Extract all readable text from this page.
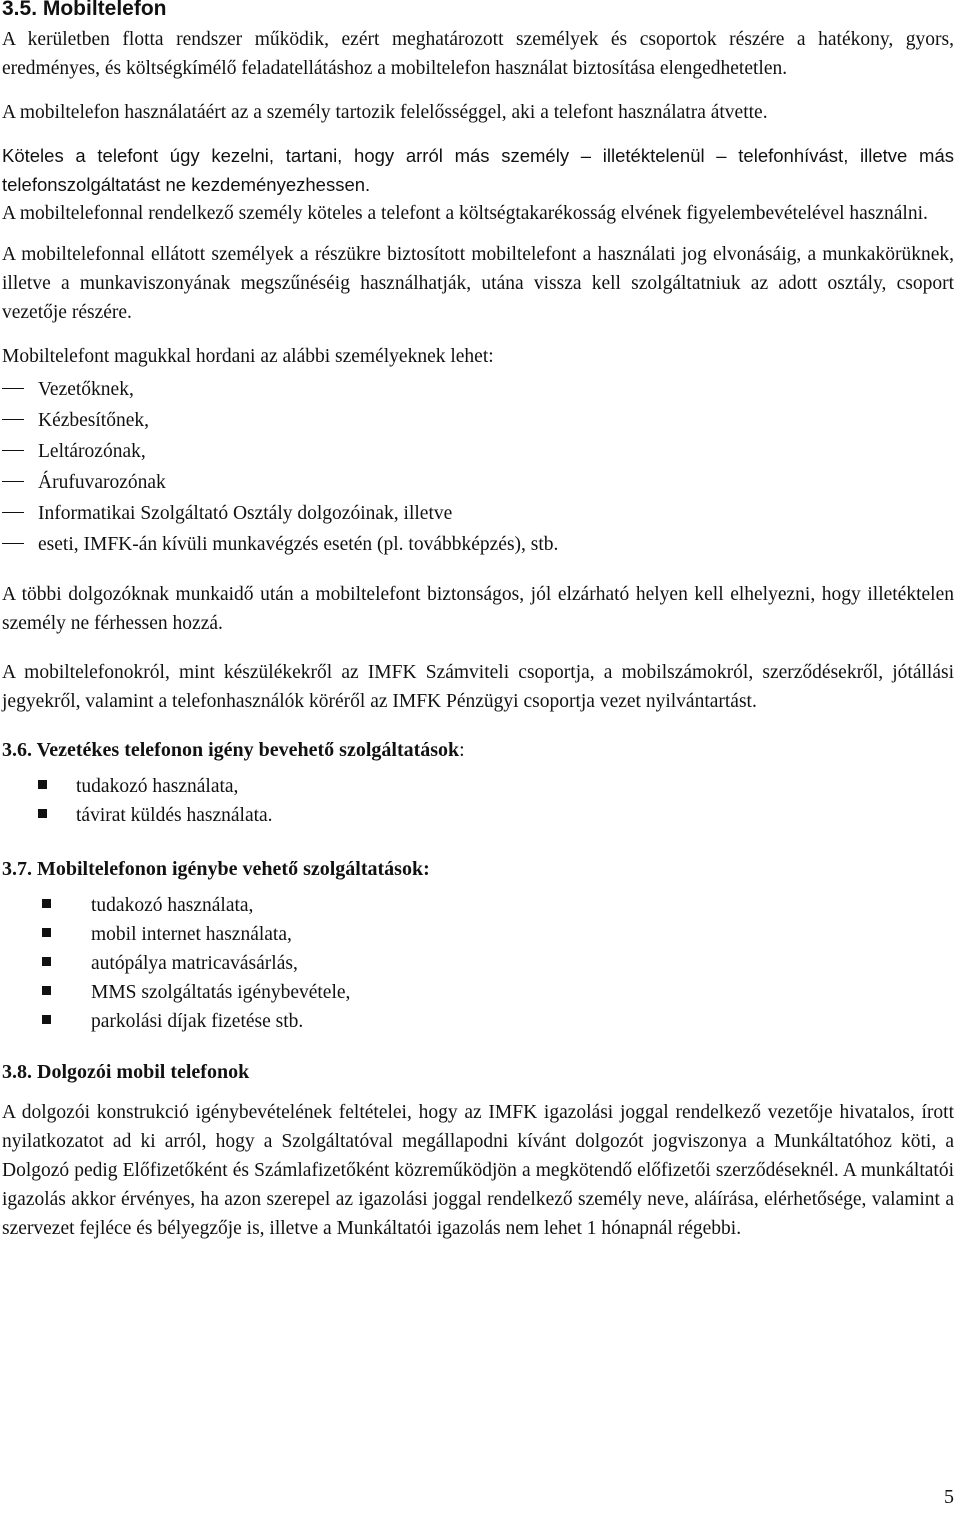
3.5. Mobiltelefon

A kerületben flotta rendszer működik, ezért meghatározott személyek és csoportok részére a hatékony, gyors, eredményes, és költségkímélő feladatellátáshoz a mobiltelefon használat biztosítása elengedhetetlen.

A mobiltelefon használatáért az a személy tartozik felelősséggel, aki a telefont használatra átvette.

Köteles a telefont úgy kezelni, tartani, hogy arról más személy – illetéktelenül – telefonhívást, illetve más telefonszolgáltatást ne kezdeményezhessen.

A mobiltelefonnal rendelkező személy köteles a telefont a költségtakarékosság elvének figyelembevételével használni.

A mobiltelefonnal ellátott személyek a részükre biztosított mobiltelefont a használati jog elvonásáig, a munkakörüknek, illetve a munkaviszonyának megszűnéséig használhatják, utána vissza kell szolgáltatniuk az adott osztály, csoport vezetője részére.

Mobiltelefont magukkal hordani az alábbi személyeknek lehet:

Vezetőknek,
Kézbesítőnek,
Leltározónak,
Árufuvarozónak
Informatikai Szolgáltató Osztály dolgozóinak, illetve
eseti, IMFK-án kívüli munkavégzés esetén (pl. továbbképzés), stb.

A többi dolgozóknak munkaidő után a mobiltelefont biztonságos, jól elzárható helyen kell elhelyezni, hogy illetéktelen személy ne férhessen hozzá.

A mobiltelefonokról, mint készülékekről az IMFK Számviteli csoportja, a mobilszámokról, szerződésekről, jótállási jegyekről, valamint a telefonhasználók köréről az IMFK Pénzügyi csoportja vezet nyilvántartást.

3.6. Vezetékes telefonon igény bevehető szolgáltatások:
tudakozó használata,
távirat küldés használata.
3.7. Mobiltelefonon igénybe vehető szolgáltatások:
tudakozó használata,
mobil internet használata,
autópálya matricavásárlás,
MMS szolgáltatás igénybevétele,
parkolási díjak fizetése stb.
3.8. Dolgozói mobil telefonok

A dolgozói konstrukció igénybevételének feltételei, hogy az IMFK igazolási joggal rendelkező vezetője hivatalos, írott nyilatkozatot ad ki arról, hogy a Szolgáltatóval megállapodni kívánt dolgozót jogviszonya a Munkáltatóhoz köti, a Dolgozó pedig Előfizetőként és Számlafizetőként közreműködjön a megkötendő előfizetői szerződéseknél. A munkáltatói igazolás akkor érvényes, ha azon szerepel az igazolási joggal rendelkező személy neve, aláírása, elérhetősége, valamint a szervezet fejléce és bélyegzője is, illetve a Munkáltatói igazolás nem lehet 1 hónapnál régebbi.

5
